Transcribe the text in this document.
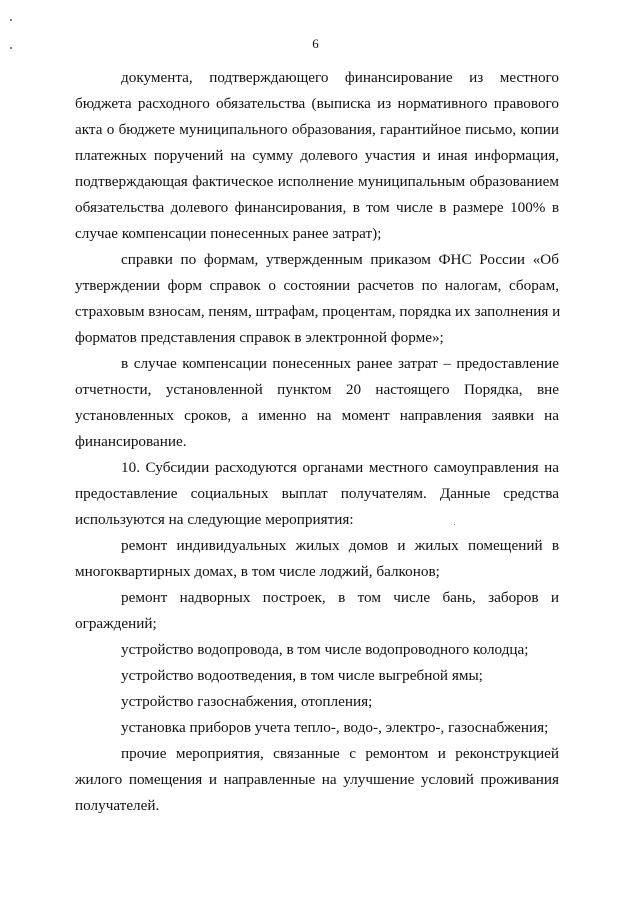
6
документа, подтверждающего финансирование из местного
бюджета расходного обязательства (выписка из нормативного правового
акта о бюджете муниципального образования, гарантийное письмо, копии
платежных поручений на сумму долевого участия и иная информация,
подтверждающая фактическое исполнение муниципальным образованием
обязательства долевого финансирования, в том числе в размере 100% в
случае компенсации понесенных ранее затрат);
справки по формам, утвержденным приказом ФНС России «Об
утверждении форм справок о состоянии расчетов по налогам, сборам,
страховым взносам, пеням, штрафам, процентам, порядка их заполнения и
форматов представления справок в электронной форме»;
в случае компенсации понесенных ранее затрат – предоставление
отчетности, установленной пунктом 20 настоящего Порядка, вне
установленных сроков, а именно на момент направления заявки на
финансирование.
10. Субсидии расходуются органами местного самоуправления на
предоставление социальных выплат получателям. Данные средства
используются на следующие мероприятия:
ремонт индивидуальных жилых домов и жилых помещений в
многоквартирных домах, в том числе лоджий, балконов;
ремонт надворных построек, в том числе бань, заборов и
ограждений;
устройство водопровода, в том числе водопроводного колодца;
устройство водоотведения, в том числе выгребной ямы;
устройство газоснабжения, отопления;
установка приборов учета тепло-, водо-, электро-, газоснабжения;
прочие мероприятия, связанные с ремонтом и реконструкцией
жилого помещения и направленные на улучшение условий проживания
получателей.
